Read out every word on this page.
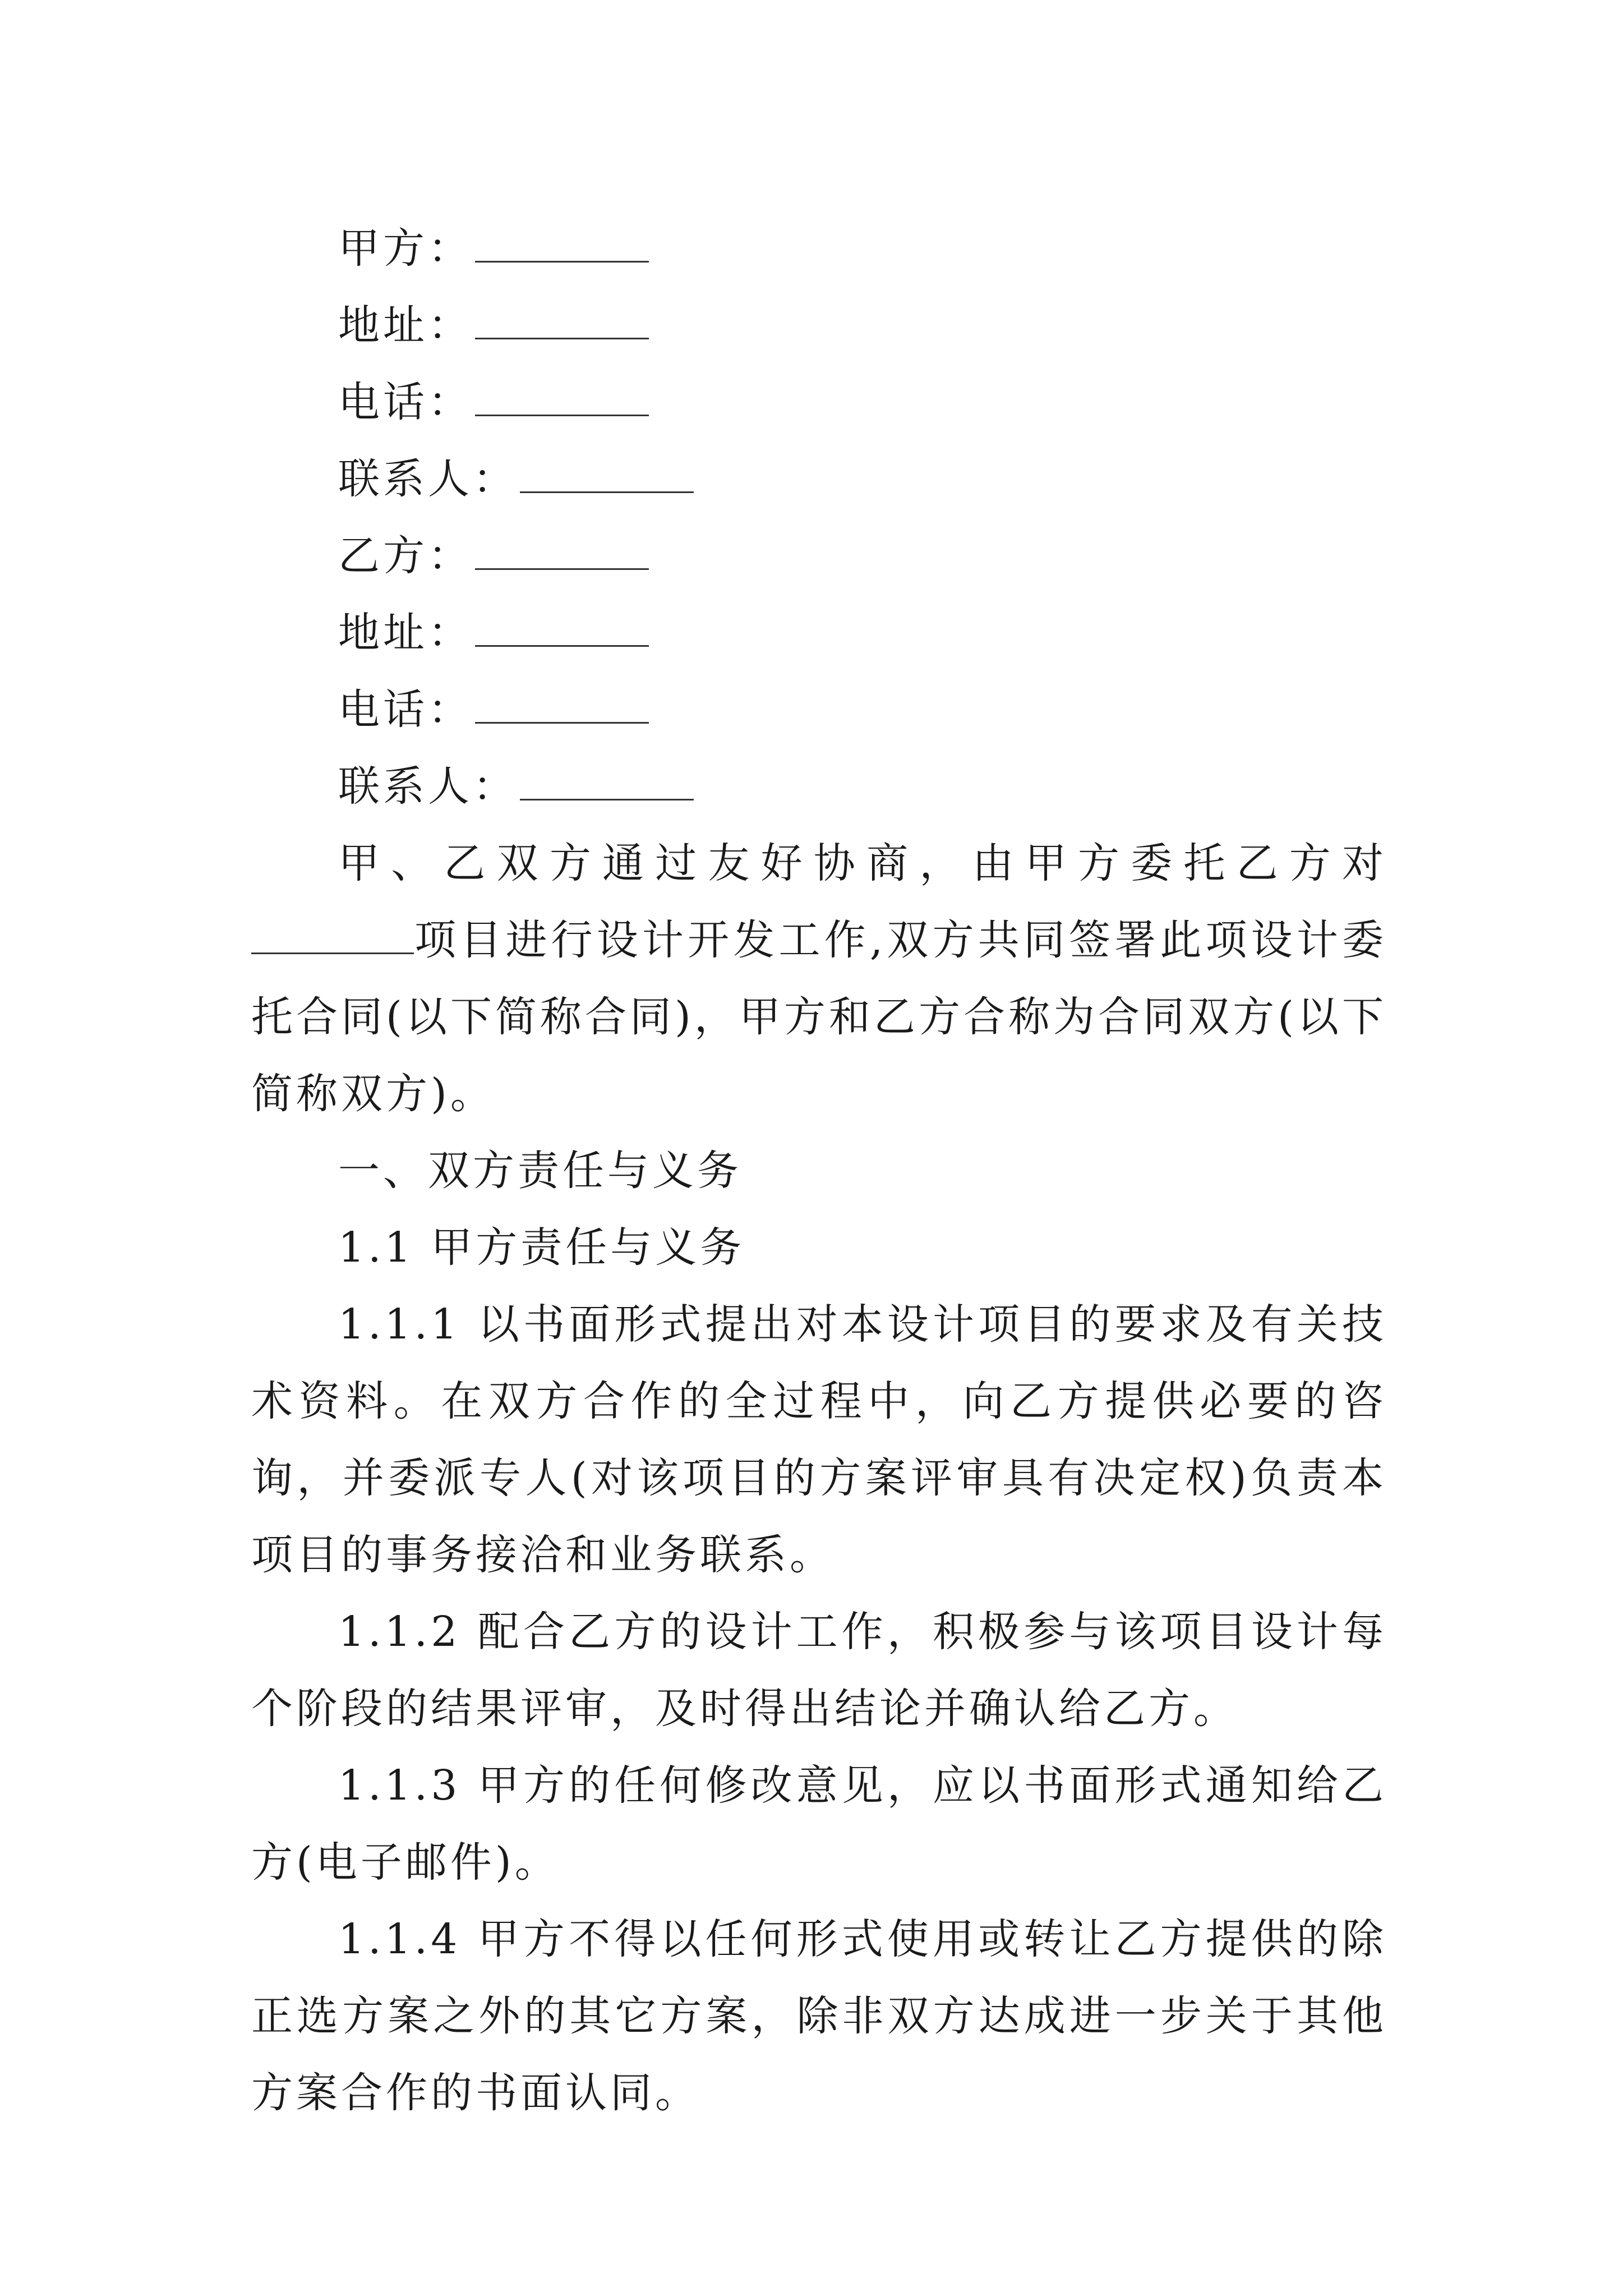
甲方：
地址：
电话：
联系人：
乙方：
地址：
电话：
联系人：
甲、乙双方通过友好协商，由甲方委托乙方对项目进行设计开发工作,双方共同签署此项设计委托合同(以下简称合同)，甲方和乙方合称为合同双方(以下简称双方)。
一、双方责任与义务
1.1 甲方责任与义务
1.1.1 以书面形式提出对本设计项目的要求及有关技术资料。在双方合作的全过程中，向乙方提供必要的咨询，并委派专人(对该项目的方案评审具有决定权)负责本项目的事务接洽和业务联系。
1.1.2 配合乙方的设计工作，积极参与该项目设计每个阶段的结果评审，及时得出结论并确认给乙方。
1.1.3 甲方的任何修改意见，应以书面形式通知给乙方(电子邮件)。
1.1.4 甲方不得以任何形式使用或转让乙方提供的除正选方案之外的其它方案，除非双方达成进一步关于其他方案合作的书面认同。
